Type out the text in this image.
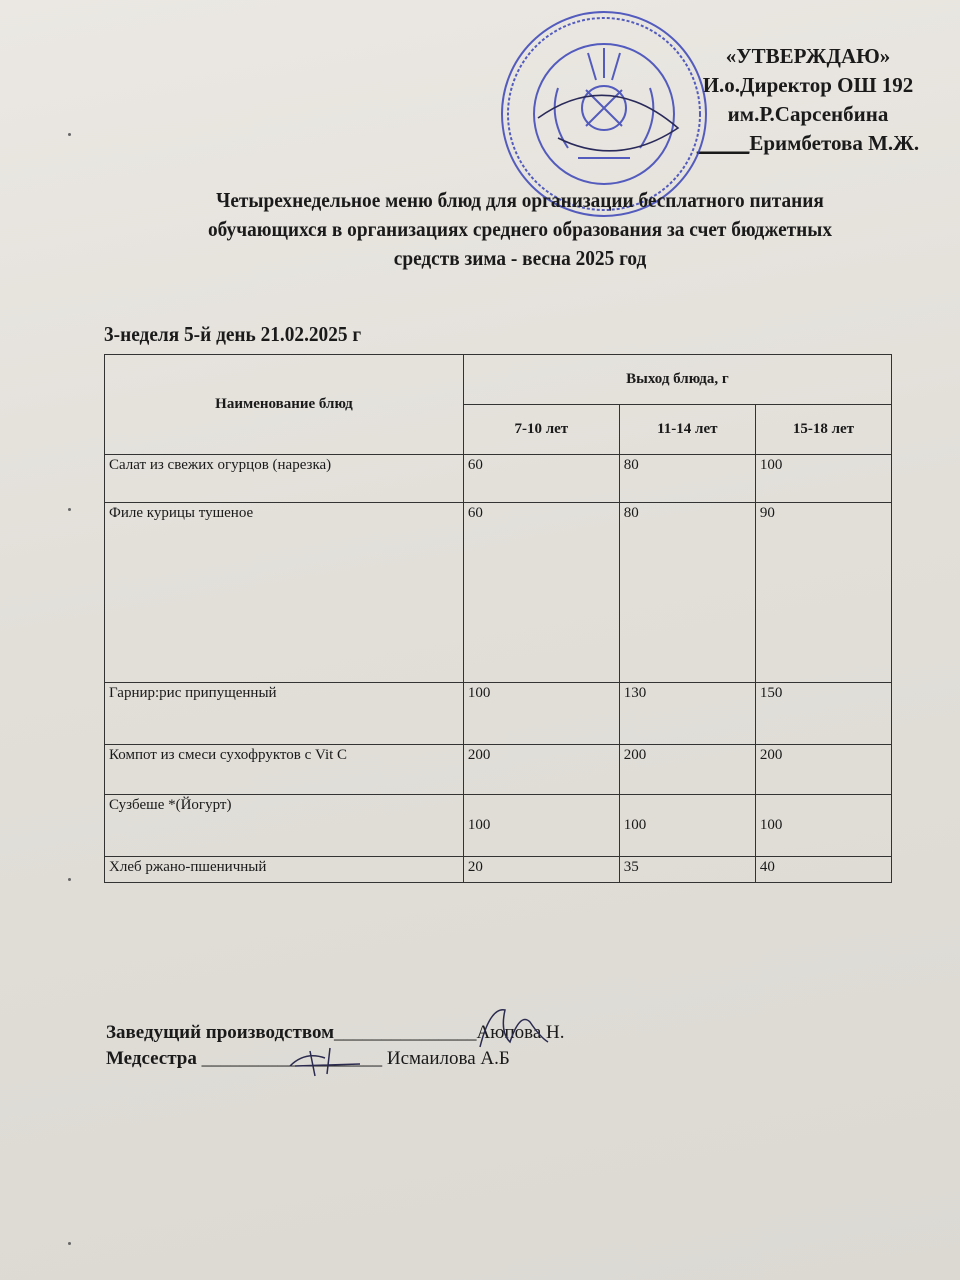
«УТВЕРЖДАЮ»
И.о.Директор ОШ 192
им.Р.Сарсенбина
_____Еримбетова М.Ж.
Четырехнедельное меню блюд для организации бесплатного питания
обучающихся в организациях среднего образования за счет бюджетных
средств зима - весна 2025 год
3-неделя 5-й день 21.02.2025 г
Наименование блюд	Выход блюда, г		
	7-10 лет	11-14 лет	15-18 лет
Салат из свежих огурцов (нарезка)	60	80	100
Филе курицы тушеное	60	80	90
Гарнир:рис припущенный	100	130	150
Компот из смеси сухофруктов с Vit C	200	200	200
Сузбеше *(Йогурт)	100	100	100
Хлеб ржано-пшеничный	20	35	40
Заведущий производством_______________Аюпова Н.
Медсестра ___________________ Исмаилова А.Б
